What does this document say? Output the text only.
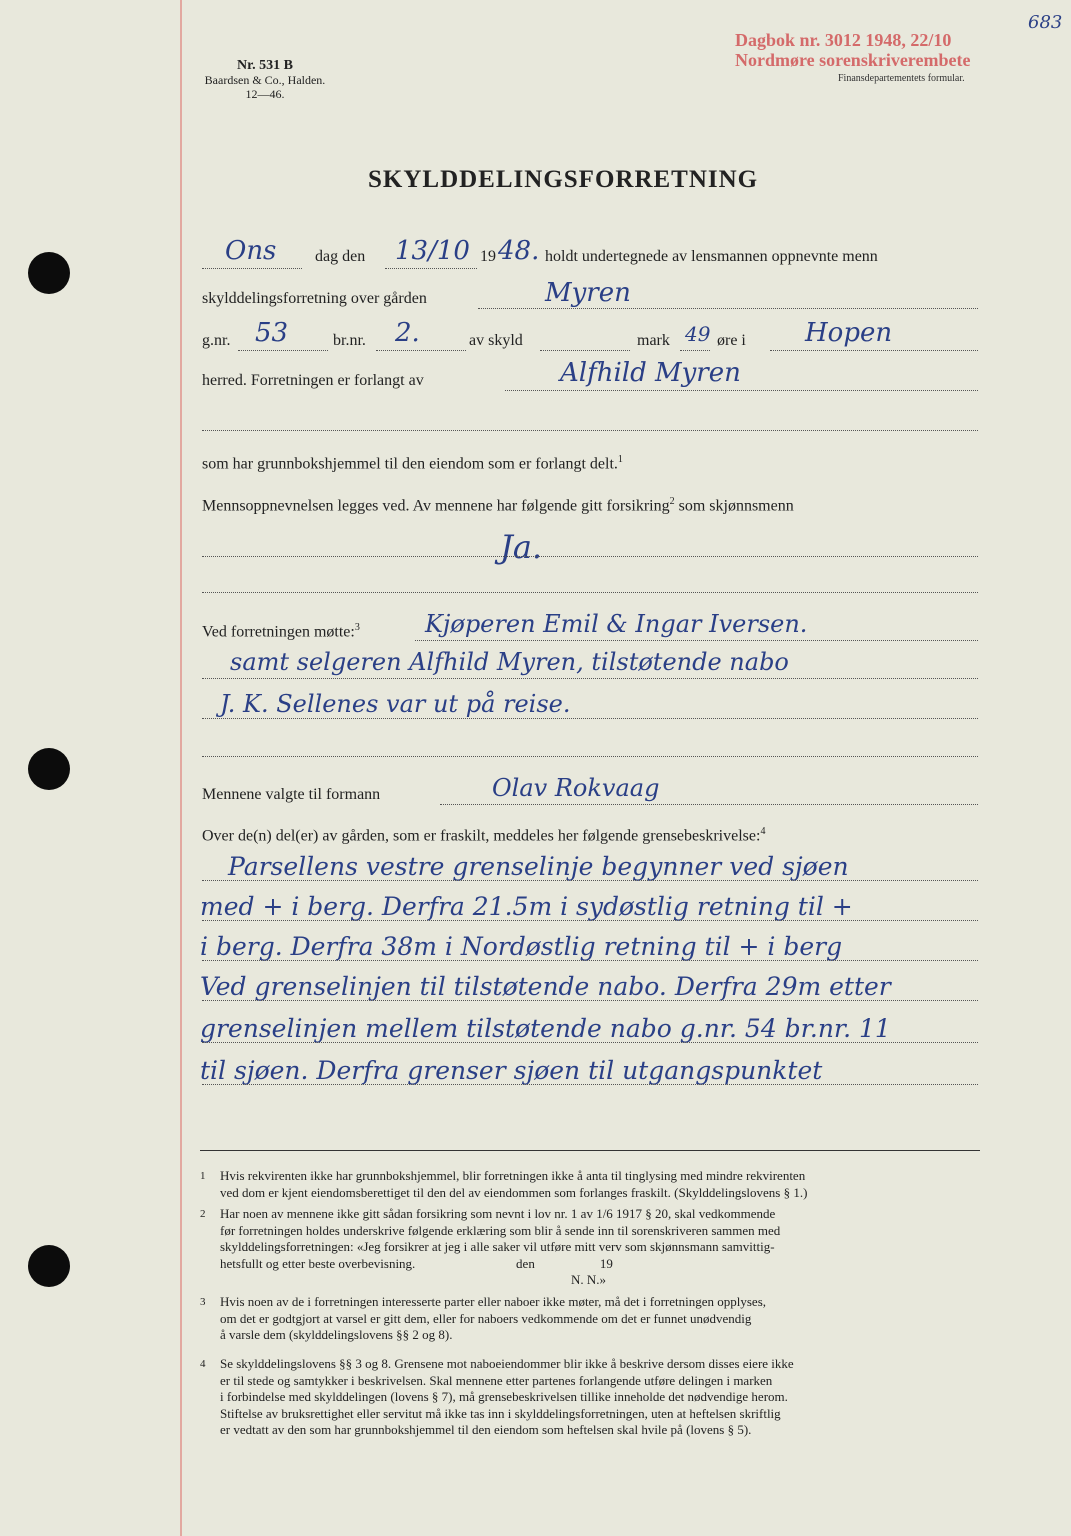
Nr. 531 B
Baardsen & Co., Halden.
12—46.
Dagbok nr. 3012 1948, 22/10
Nordmøre sorenskriverembete
683
Finansdepartementets formular.
SKYLDDELINGSFORRETNING
Ons dag den 13/10 19 48. holdt undertegnede av lensmannen oppnevnte menn
skylddelingsforretning over gården	Myren
g.nr. 53	br.nr. 2.	av skyld	mark 49 øre i Hopen
herred. Forretningen er forlangt av	Alfhild Myren
som har grunnbokshjemmel til den eiendom som er forlangt delt.$^1$
Mennsoppnevnelsen legges ved. Av mennene har følgende gitt forsikring$^2$ som skjønnsmenn
Ja.
Ved forretningen møtte:$^3$	Kjøperen Emil & Ingar Iversen.
samt selgeren Alfhild Myren, tilstøtende nabo
J. K. Sellenes var ut på reise.
Mennene valgte til formann	Olav Rokvaag
Over de(n) del(er) av gården, som er fraskilt, meddeles her følgende grensebeskrivelse:$^4$
Parsellens vestre grenselinje begynner ved sjøen
med + i berg. Derfra 21.5m i sydøstlig retning til +
i berg. Derfra 38m i Nordøstlig retning til + i berg
Ved grenselinjen til tilstøtende nabo. Derfra 29m etter
grenselinjen mellem tilstøtende nabo g.nr. 54 br.nr. 11
til sjøen. Derfra grenser sjøen til utgangspunktet
1 Hvis rekvirenten ikke har grunnbokshjemmel, blir forretningen ikke å anta til tinglysing med mindre rekvirenten
ved dom er kjent eiendomsberettiget til den del av eiendommen som forlanges fraskilt. (Skylddelingslovens § 1.)
2 Har noen av mennene ikke gitt sådan forsikring som nevnt i lov nr. 1 av 1/6 1917 § 20, skal vedkommende
før forretningen holdes underskrive følgende erklæring som blir å sende inn til sorenskriveren sammen med
skylddelingsforretningen: «Jeg forsikrer at jeg i alle saker vil utføre mitt verv som skjønnsmann samvittig-
hetsfullt og etter beste overbevisning.                               den                    19
N. N.»
3 Hvis noen av de i forretningen interesserte parter eller naboer ikke møter, må det i forretningen opplyses,
om det er godtgjort at varsel er gitt dem, eller for naboers vedkommende om det er funnet unødvendig
å varsle dem (skylddelingslovens §§ 2 og 8).
4 Se skylddelingslovens §§ 3 og 8. Grensene mot naboeiendommer blir ikke å beskrive dersom disses eiere ikke
er til stede og samtykker i beskrivelsen. Skal mennene etter partenes forlangende utføre delingen i marken
i forbindelse med skylddelingen (lovens § 7), må grensebeskrivelsen tillike inneholde det nødvendige herom.
Stiftelse av bruksrettighet eller servitut må ikke tas inn i skylddelingsforretningen, uten at heftelsen skriftlig
er vedtatt av den som har grunnbokshjemmel til den eiendom som heftelsen skal hvile på (lovens § 5).
